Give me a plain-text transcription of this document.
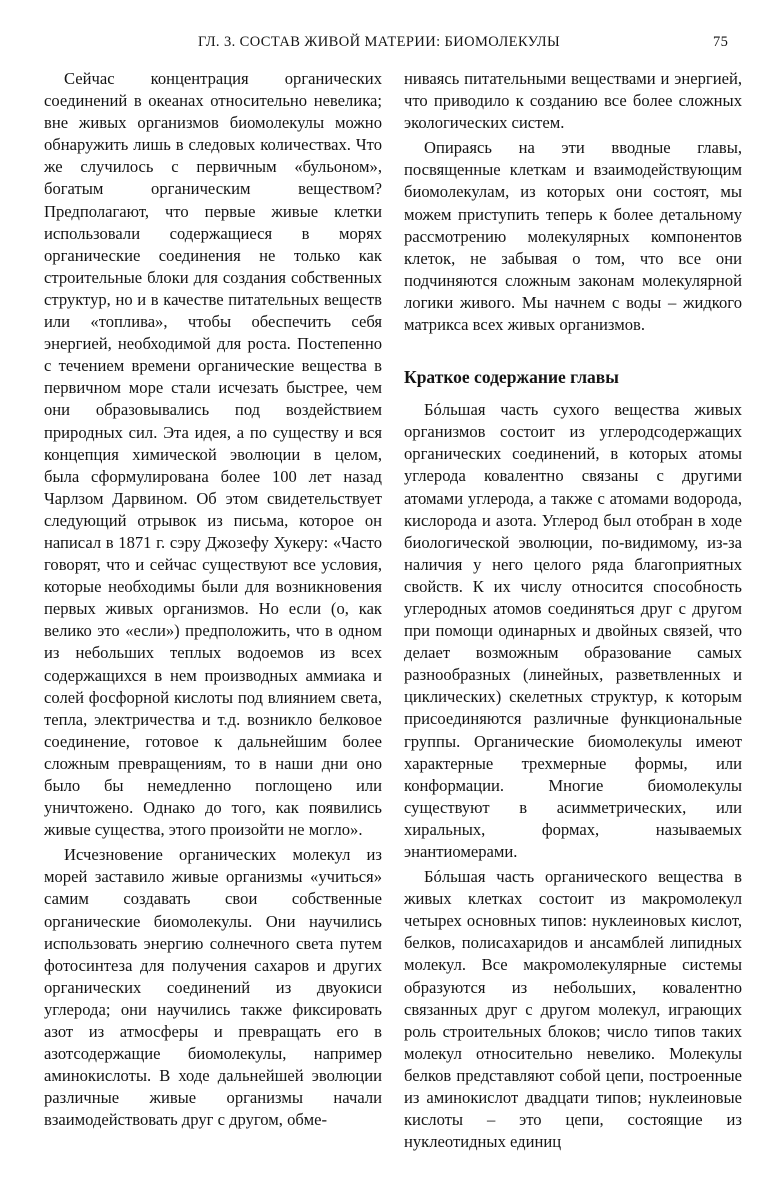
ГЛ. 3. СОСТАВ ЖИВОЙ МАТЕРИИ: БИОМОЛЕКУЛЫ	75

Сейчас концентрация органических соединений в океанах относительно невелика; вне живых организмов биомолекулы можно обнаружить лишь в следовых количествах. Что же случилось с первичным «бульоном», богатым органическим веществом? Предполагают, что первые живые клетки использовали содержащиеся в морях органические соединения не только как строительные блоки для создания собственных структур, но и в качестве питательных веществ или «топлива», чтобы обеспечить себя энергией, необходимой для роста. Постепенно с течением времени органические вещества в первичном море стали исчезать быстрее, чем они образовывались под воздействием природных сил. Эта идея, а по существу и вся концепция химической эволюции в целом, была сформулирована более 100 лет назад Чарлзом Дарвином. Об этом свидетельствует следующий отрывок из письма, которое он написал в 1871 г. сэру Джозефу Хукеру: «Часто говорят, что и сейчас существуют все условия, которые необходимы были для возникновения первых живых организмов. Но если (о, как велико это «если») предположить, что в одном из небольших теплых водоемов из всех содержащихся в нем производных аммиака и солей фосфорной кислоты под влиянием света, тепла, электричества и т.д. возникло белковое соединение, готовое к дальнейшим более сложным превращениям, то в наши дни оно было бы немедленно поглощено или уничтожено. Однако до того, как появились живые существа, этого произойти не могло».

Исчезновение органических молекул из морей заставило живые организмы «учиться» самим создавать свои собственные органические биомолекулы. Они научились использовать энергию солнечного света путем фотосинтеза для получения сахаров и других органических соединений из двуокиси углерода; они научились также фиксировать азот из атмосферы и превращать его в азотсодержащие биомолекулы, например аминокислоты. В ходе дальнейшей эволюции различные живые организмы начали взаимодействовать друг с другом, обме-

ниваясь питательными веществами и энергией, что приводило к созданию все более сложных экологических систем.

Опираясь на эти вводные главы, посвященные клеткам и взаимодействующим биомолекулам, из которых они состоят, мы можем приступить теперь к более детальному рассмотрению молекулярных компонентов клеток, не забывая о том, что все они подчиняются сложным законам молекулярной логики живого. Мы начнем с воды – жидкого матрикса всех живых организмов.

Краткое содержание главы

Бóльшая часть сухого вещества живых организмов состоит из углеродсодержащих органических соединений, в которых атомы углерода ковалентно связаны с другими атомами углерода, а также с атомами водорода, кислорода и азота. Углерод был отобран в ходе биологической эволюции, по-видимому, из-за наличия у него целого ряда благоприятных свойств. К их числу относится способность углеродных атомов соединяться друг с другом при помощи одинарных и двойных связей, что делает возможным образование самых разнообразных (линейных, разветвленных и циклических) скелетных структур, к которым присоединяются различные функциональные группы. Органические биомолекулы имеют характерные трехмерные формы, или конформации. Многие биомолекулы существуют в асимметрических, или хиральных, формах, называемых энантиомерами.

Бóльшая часть органического вещества в живых клетках состоит из макромолекул четырех основных типов: нуклеиновых кислот, белков, полисахаридов и ансамблей липидных молекул. Все макромолекулярные системы образуются из небольших, ковалентно связанных друг с другом молекул, играющих роль строительных блоков; число типов таких молекул относительно невелико. Молекулы белков представляют собой цепи, построенные из аминокислот двадцати типов; нуклеиновые кислоты – это цепи, состоящие из нуклеотидных единиц
